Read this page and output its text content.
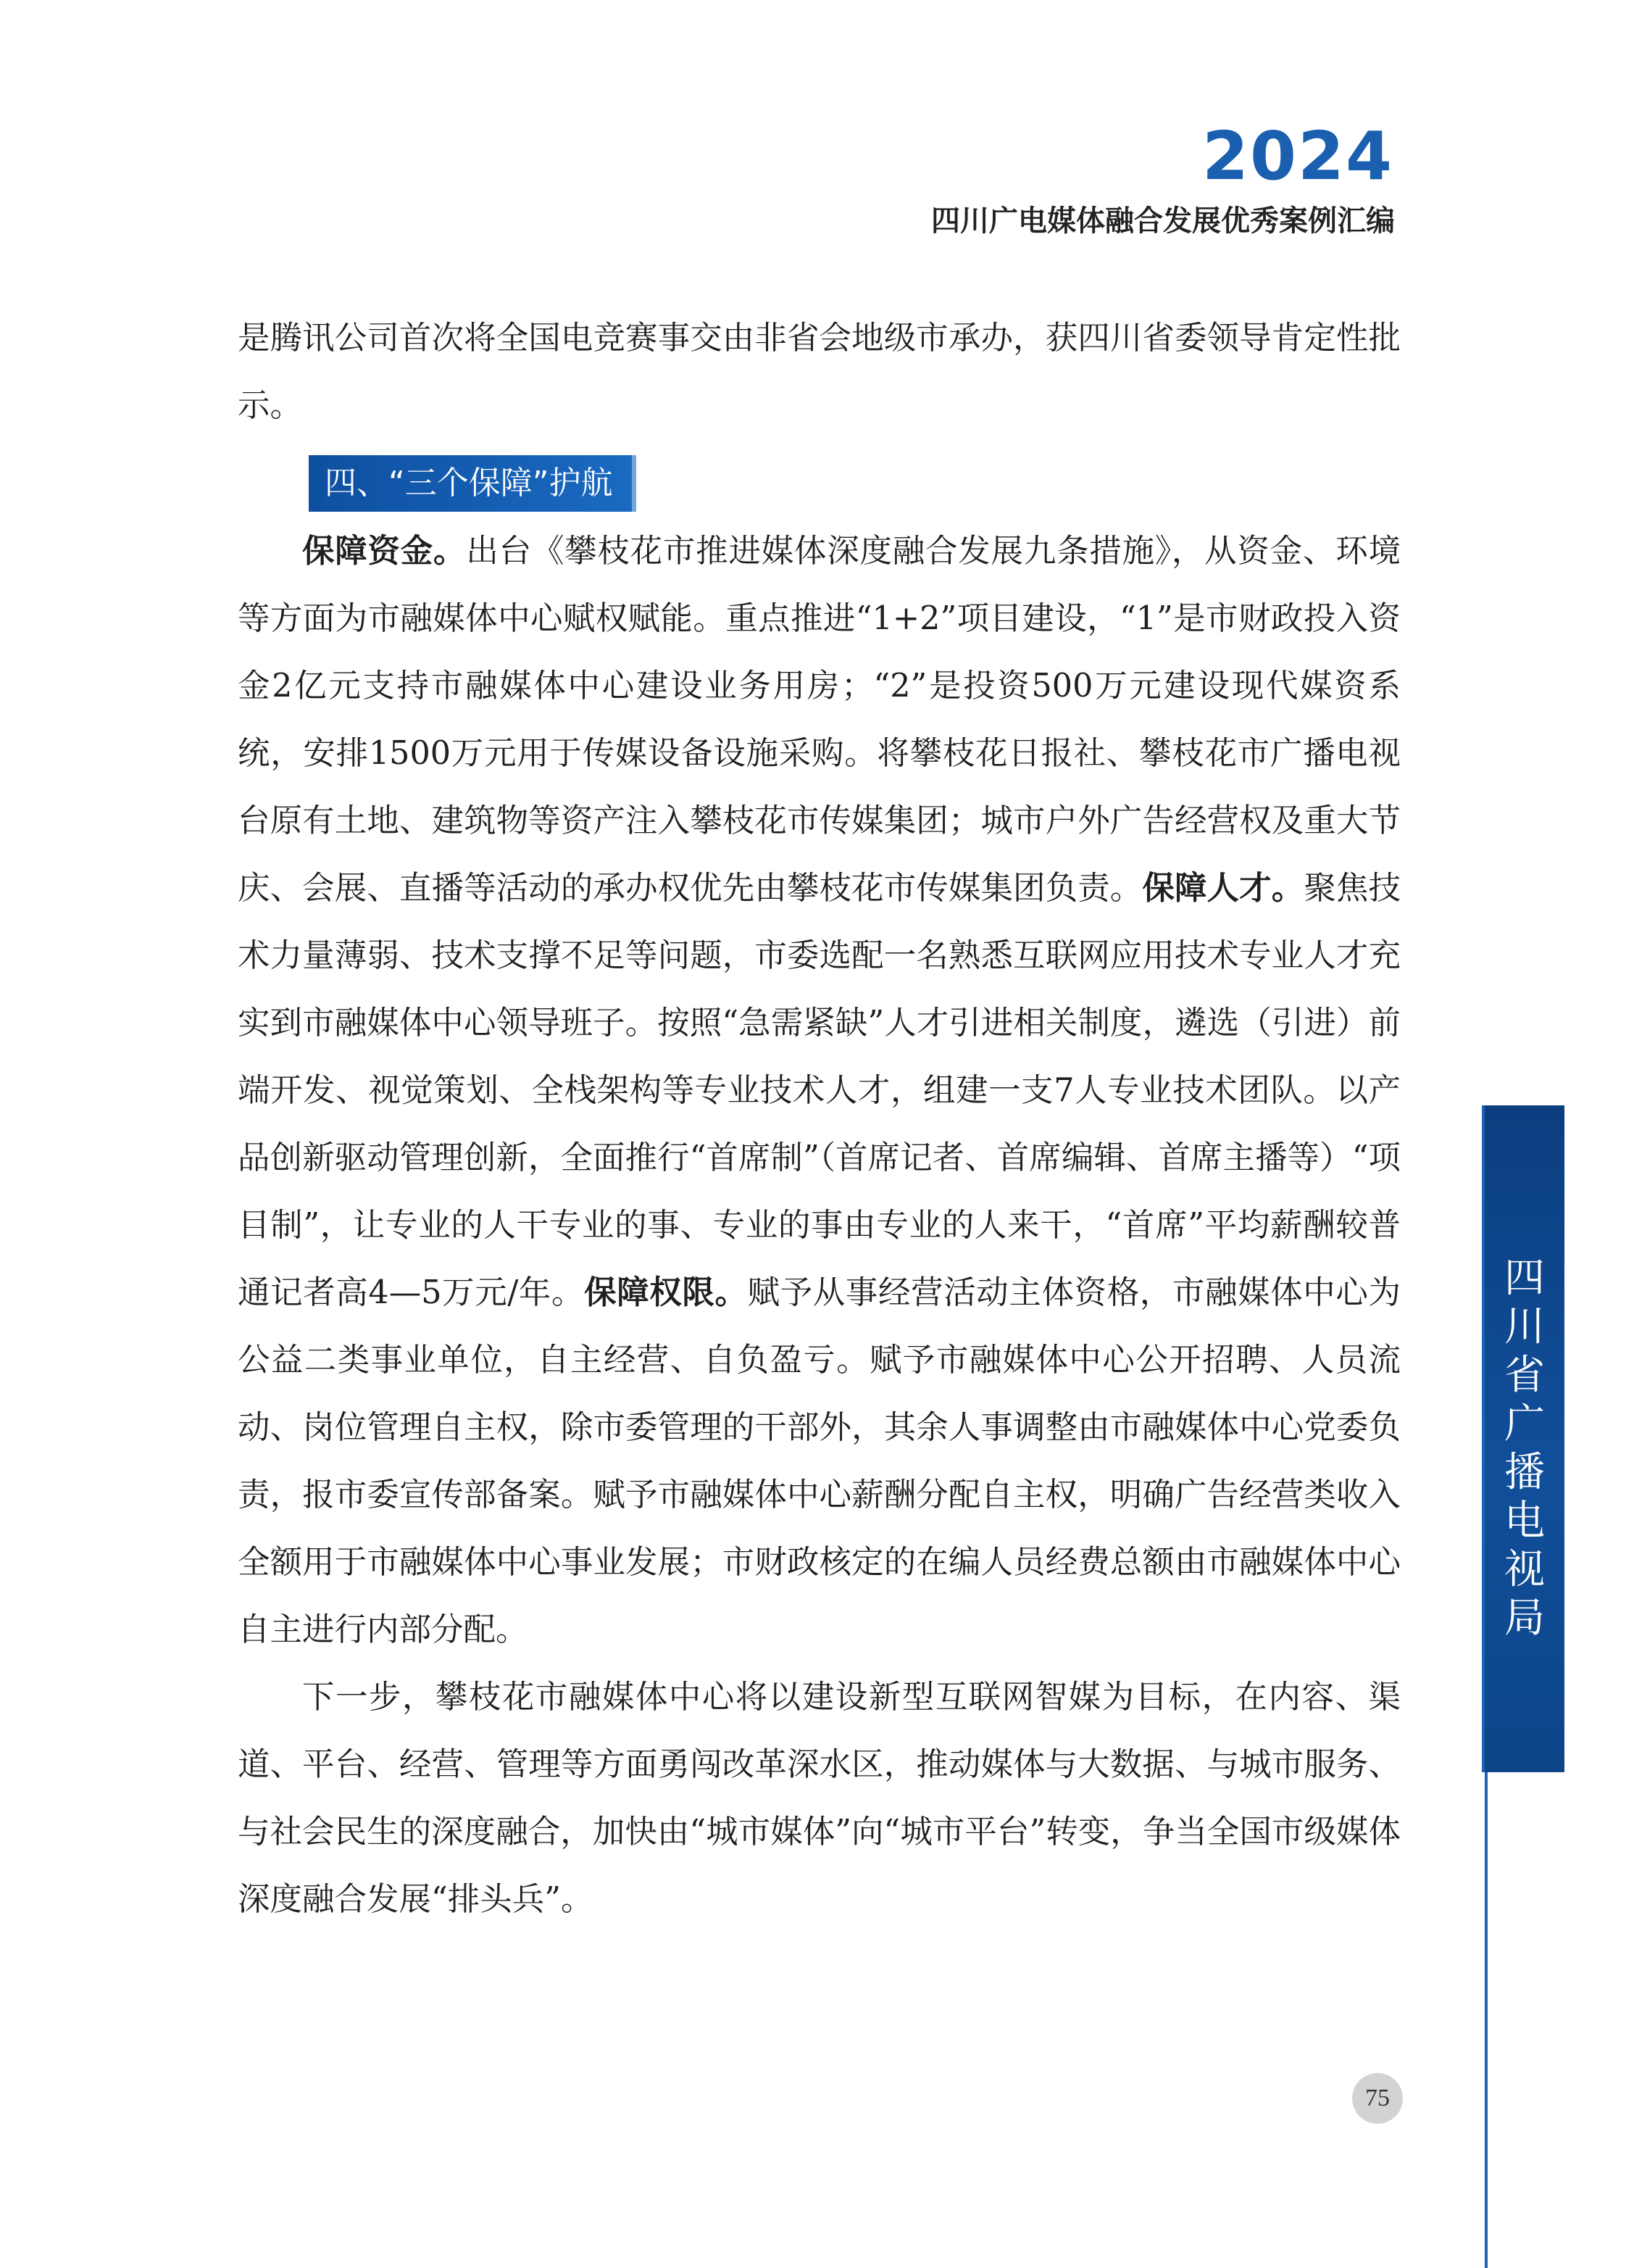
2024
四川广电媒体融合发展优秀案例汇编

是腾讯公司首次将全国电竞赛事交由非省会地级市承办，获四川省委领导肯定性批示。

四、“三个保障”护航

保障资金。出台《攀枝花市推进媒体深度融合发展九条措施》，从资金、环境等方面为市融媒体中心赋权赋能。重点推进“1+2”项目建设，“1”是市财政投入资金2亿元支持市融媒体中心建设业务用房；“2”是投资500万元建设现代媒资系统，安排1500万元用于传媒设备设施采购。将攀枝花日报社、攀枝花市广播电视台原有土地、建筑物等资产注入攀枝花市传媒集团；城市户外广告经营权及重大节庆、会展、直播等活动的承办权优先由攀枝花市传媒集团负责。保障人才。聚焦技术力量薄弱、技术支撑不足等问题，市委选配一名熟悉互联网应用技术专业人才充实到市融媒体中心领导班子。按照“急需紧缺”人才引进相关制度，遴选（引进）前端开发、视觉策划、全栈架构等专业技术人才，组建一支7人专业技术团队。以产品创新驱动管理创新，全面推行“首席制”（首席记者、首席编辑、首席主播等）“项目制”，让专业的人干专业的事、专业的事由专业的人来干，“首席”平均薪酬较普通记者高4—5万元/年。保障权限。赋予从事经营活动主体资格，市融媒体中心为公益二类事业单位，自主经营、自负盈亏。赋予市融媒体中心公开招聘、人员流动、岗位管理自主权，除市委管理的干部外，其余人事调整由市融媒体中心党委负责，报市委宣传部备案。赋予市融媒体中心薪酬分配自主权，明确广告经营类收入全额用于市融媒体中心事业发展；市财政核定的在编人员经费总额由市融媒体中心自主进行内部分配。

下一步，攀枝花市融媒体中心将以建设新型互联网智媒为目标，在内容、渠道、平台、经营、管理等方面勇闯改革深水区，推动媒体与大数据、与城市服务、与社会民生的深度融合，加快由“城市媒体”向“城市平台”转变，争当全国市级媒体深度融合发展“排头兵”。

四
川
省
广
播
电
视
局
75
